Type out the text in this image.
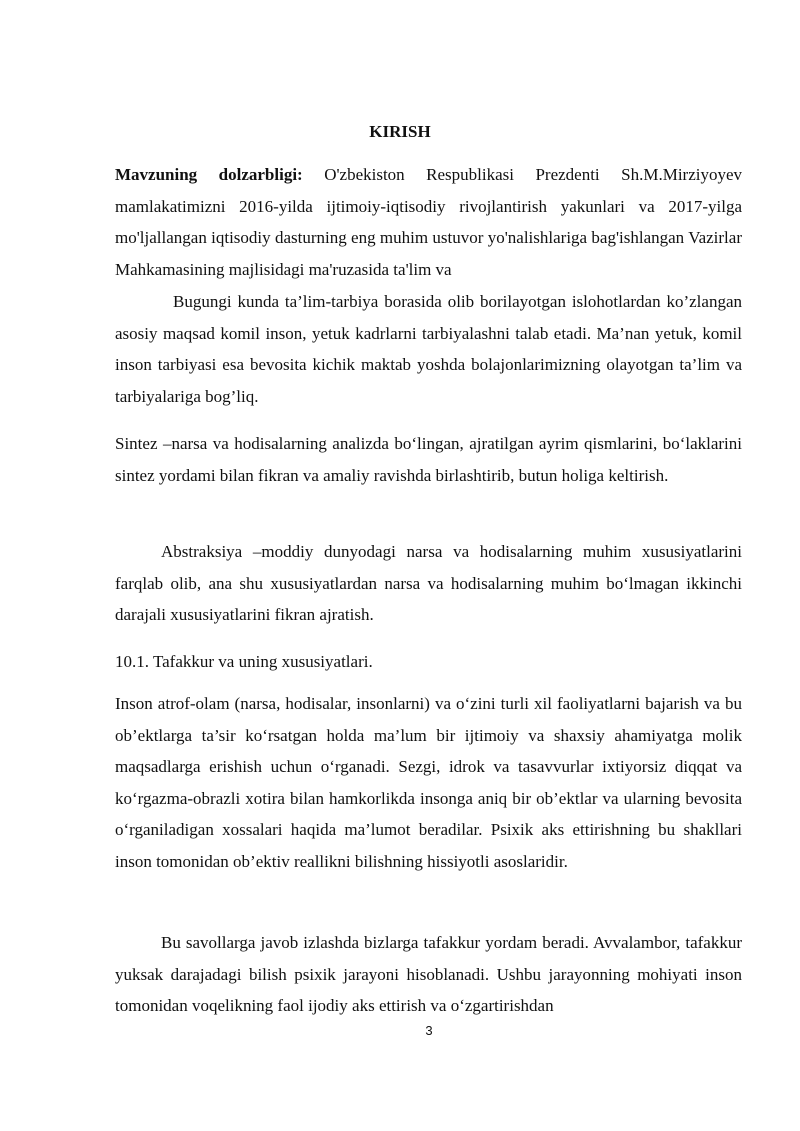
KIRISH

Mavzuning dolzarbligi: O'zbekiston Respublikasi Prezdenti Sh.M.Mirziyoyev mamlakatimizni 2016-yilda ijtimoiy-iqtisodiy rivojlantirish yakunlari va 2017-yilga mo'ljallangan iqtisodiy dasturning eng muhim ustuvor yo'nalishlariga bag'ishlangan Vazirlar Mahkamasining majlisidagi ma'ruzasida ta'lim va

Bugungi kunda ta’lim-tarbiya borasida olib borilayotgan islohotlardan ko’zlangan asosiy maqsad komil inson, yetuk kadrlarni tarbiyalashni talab etadi. Ma’nan yetuk, komil inson tarbiyasi esa bevosita kichik maktab yoshda bolajonlarimizning olayotgan ta’lim va tarbiyalariga bog’liq.

Sintez –narsa va hodisalarning analizda bo‘lingan, ajratilgan ayrim qismlarini, bo‘laklarini sintez yordami bilan fikran va amaliy ravishda birlashtirib, butun holiga keltirish.

Abstraksiya –moddiy dunyodagi narsa va hodisalarning muhim xususiyatlarini farqlab olib, ana shu xususiyatlardan narsa va hodisalarning muhim bo‘lmagan ikkinchi darajali xususiyatlarini fikran ajratish.

10.1. Tafakkur va uning xususiyatlari.

Inson atrof-olam (narsa, hodisalar, insonlarni) va o‘zini turli xil faoliyatlarni bajarish va bu ob’ektlarga ta’sir ko‘rsatgan holda ma’lum bir ijtimoiy va shaxsiy ahamiyatga molik maqsadlarga erishish uchun o‘rganadi. Sezgi, idrok va tasavvurlar ixtiyorsiz diqqat va ko‘rgazma-obrazli xotira bilan hamkorlikda insonga aniq bir ob’ektlar va ularning bevosita o‘rganiladigan xossalari haqida ma’lumot beradilar. Psixik aks ettirishning bu shakllari inson tomonidan ob’ektiv reallikni bilishning hissiyotli asoslaridir.

Bu savollarga javob izlashda bizlarga tafakkur yordam beradi. Avvalambor, tafakkur yuksak darajadagi bilish psixik jarayoni hisoblanadi. Ushbu jarayonning mohiyati inson tomonidan voqelikning faol ijodiy aks ettirish va o‘zgartirishdan

3
